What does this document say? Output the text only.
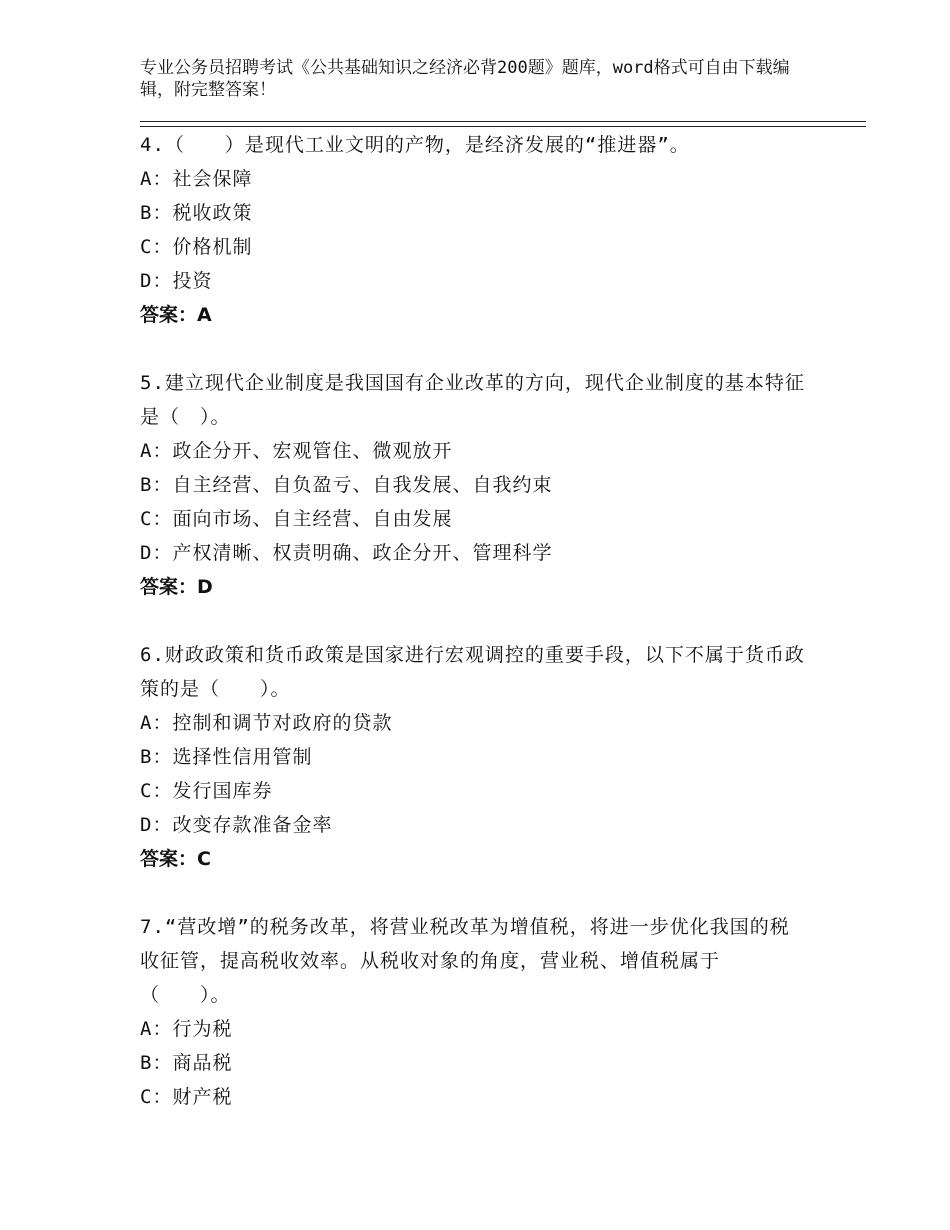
专业公务员招聘考试《公共基础知识之经济必背200题》题库，word格式可自由下载编辑，附完整答案！

4.（　　）是现代工业文明的产物，是经济发展的“推进器”。

A：社会保障

B：税收政策

C：价格机制

D：投资

答案：A

5.建立现代企业制度是我国国有企业改革的方向，现代企业制度的基本特征是（　）。

A：政企分开、宏观管住、微观放开

B：自主经营、自负盈亏、自我发展、自我约束

C：面向市场、自主经营、自由发展

D：产权清晰、权责明确、政企分开、管理科学

答案：D

6.财政政策和货币政策是国家进行宏观调控的重要手段，以下不属于货币政策的是（　　）。

A：控制和调节对政府的贷款

B：选择性信用管制

C：发行国库券

D：改变存款准备金率

答案：C

7.“营改增”的税务改革，将营业税改革为增值税，将进一步优化我国的税收征管，提高税收效率。从税收对象的角度，营业税、增值税属于（　　）。

A：行为税

B：商品税

C：财产税
